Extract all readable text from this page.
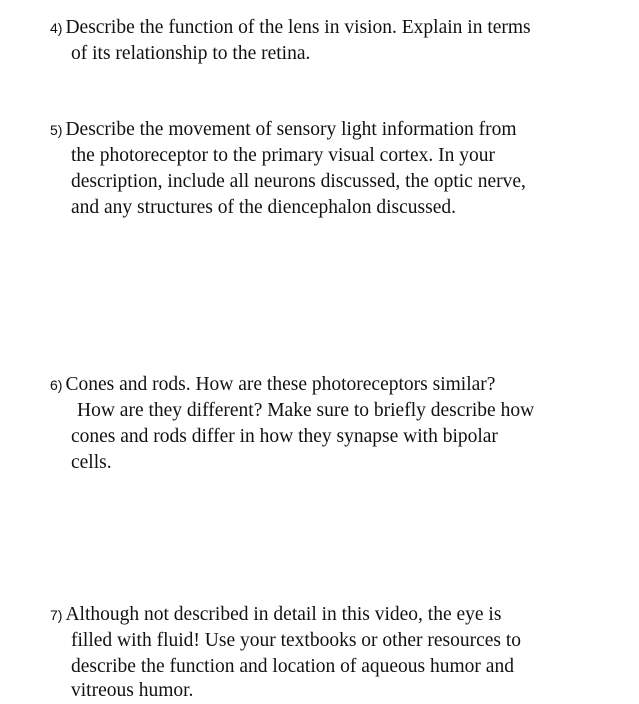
4) Describe the function of the lens in vision. Explain in terms
of its relationship to the retina.
5) Describe the movement of sensory light information from
the photoreceptor to the primary visual cortex. In your
description, include all neurons discussed, the optic nerve,
and any structures of the diencephalon discussed.
6) Cones and rods. How are these photoreceptors similar?
How are they different? Make sure to briefly describe how
cones and rods differ in how they synapse with bipolar
cells.
7) Although not described in detail in this video, the eye is
filled with fluid! Use your textbooks or other resources to
describe the function and location of aqueous humor and
vitreous humor.
